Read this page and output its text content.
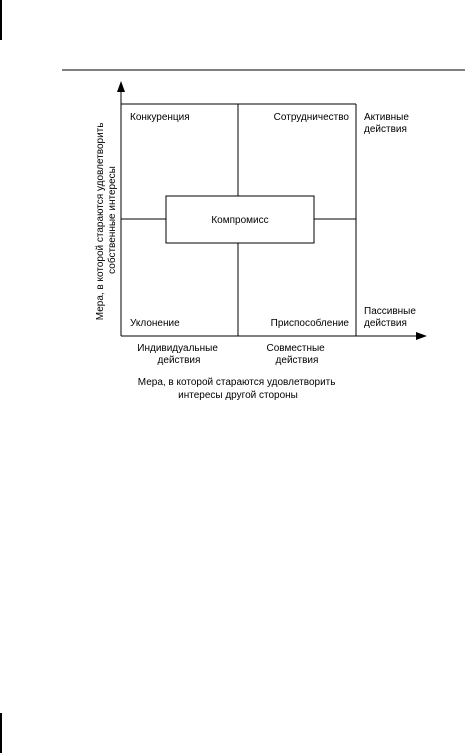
Компромисс
Конкуренция	Сотрудничество
Уклонение	Приспособление
Активные действия
Пассивные действия
Индивидуальные действия
Совместные действия
Мера, в которой стараются удовлетворить интересы другой стороны
Мера, в которой стараются удовлетворить собственные интересы
